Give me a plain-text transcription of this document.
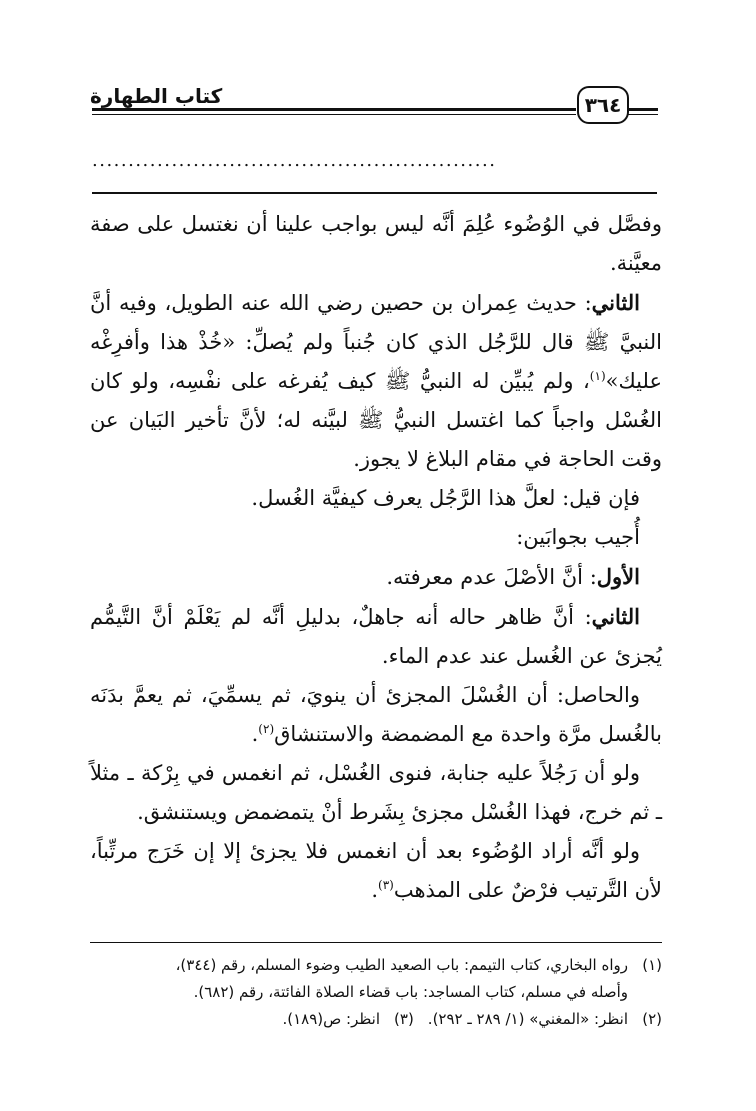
كتاب الطهارة	٣٦٤
........................................................

وفصَّل في الوُضُوء عُلِمَ أنَّه ليس بواجب علينا أن نغتسل على صفة معيَّنة.

الثاني: حديث عِمران بن حصين رضي الله عنه الطويل، وفيه أنَّ النبيَّ ﷺ قال للرَّجُل الذي كان جُنباً ولم يُصلِّ: «خُذْ هذا وأفرِغْه عليك»$^{(١)}$، ولم يُبيِّن له النبيُّ ﷺ كيف يُفرغه على نفْسِه، ولو كان الغُسْل واجباً كما اغتسل النبيُّ ﷺ لبيَّنه له؛ لأنَّ تأخير البَيان عن وقت الحاجة في مقام البلاغ لا يجوز.

فإن قيل: لعلَّ هذا الرَّجُل يعرف كيفيَّة الغُسل.

أُجيب بجوابَين:

الأول: أنَّ الأصْلَ عدم معرفته.

الثاني: أنَّ ظاهر حاله أنه جاهلٌ، بدليلِ أنَّه لم يَعْلَمْ أنَّ التَّيمُّم يُجزئ عن الغُسل عند عدم الماء.

والحاصل: أن الغُسْلَ المجزئ أن ينويَ، ثم يسمِّيَ، ثم يعمَّ بدَنَه بالغُسل مرَّة واحدة مع المضمضة والاستنشاق$^{(٢)}$.

ولو أن رَجُلاً عليه جنابة، فنوى الغُسْل، ثم انغمس في بِرْكة ـ مثلاً ـ ثم خرج، فهذا الغُسْل مجزئ بِشَرط أنْ يتمضمض ويستنشق.

ولو أنَّه أراد الوُضُوء بعد أن انغمس فلا يجزئ إلا إن خَرَج مرتِّباً، لأن التَّرتيب فرْضٌ على المذهب$^{(٣)}$.

(١)رواه البخاري، كتاب التيمم: باب الصعيد الطيب وضوء المسلم، رقم (٣٤٤)،

وأصله في مسلم، كتاب المساجد: باب قضاء الصلاة الفائتة، رقم (٦٨٢).

(٢)انظر: «المغني» (١/ ٢٨٩ ـ ٢٩٢).(٣)انظر: ص(١٨٩).
